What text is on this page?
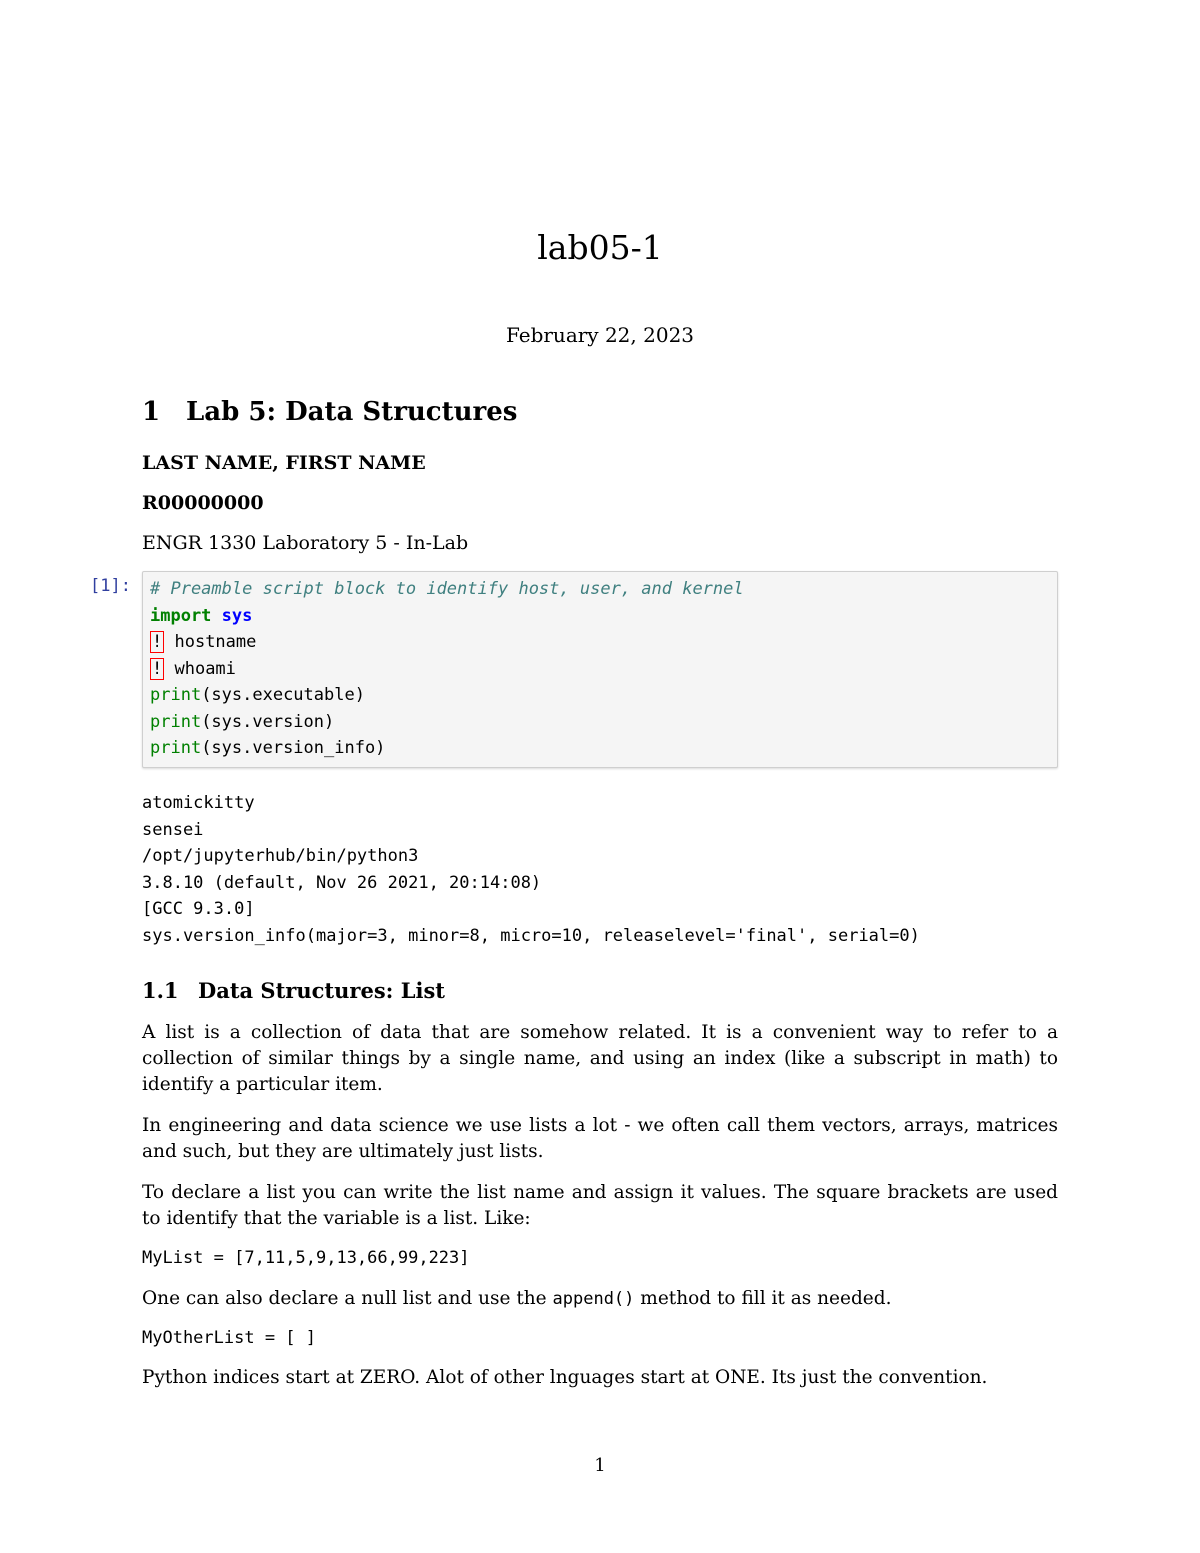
lab05-1
February 22, 2023
1 Lab 5: Data Structures
LAST NAME, FIRST NAME
R00000000
ENGR 1330 Laboratory 5 - In-Lab
[1]: # Preamble script block to identify host, user, and kernel
import sys
! hostname
! whoami
print(sys.executable)
print(sys.version)
print(sys.version_info)
atomickitty
sensei
/opt/jupyterhub/bin/python3
3.8.10 (default, Nov 26 2021, 20:14:08)
[GCC 9.3.0]
sys.version_info(major=3, minor=8, micro=10, releaselevel='final', serial=0)
1.1 Data Structures: List
A list is a collection of data that are somehow related. It is a convenient way to refer to a collection of similar things by a single name, and using an index (like a subscript in math) to identify a particular item.
In engineering and data science we use lists a lot - we often call them vectors, arrays, matrices and such, but they are ultimately just lists.
To declare a list you can write the list name and assign it values. The square brackets are used to identify that the variable is a list. Like:
MyList = [7,11,5,9,13,66,99,223]
One can also declare a null list and use the append() method to fill it as needed.
MyOtherList = [ ]
Python indices start at ZERO. Alot of other lnguages start at ONE. Its just the convention.
1
